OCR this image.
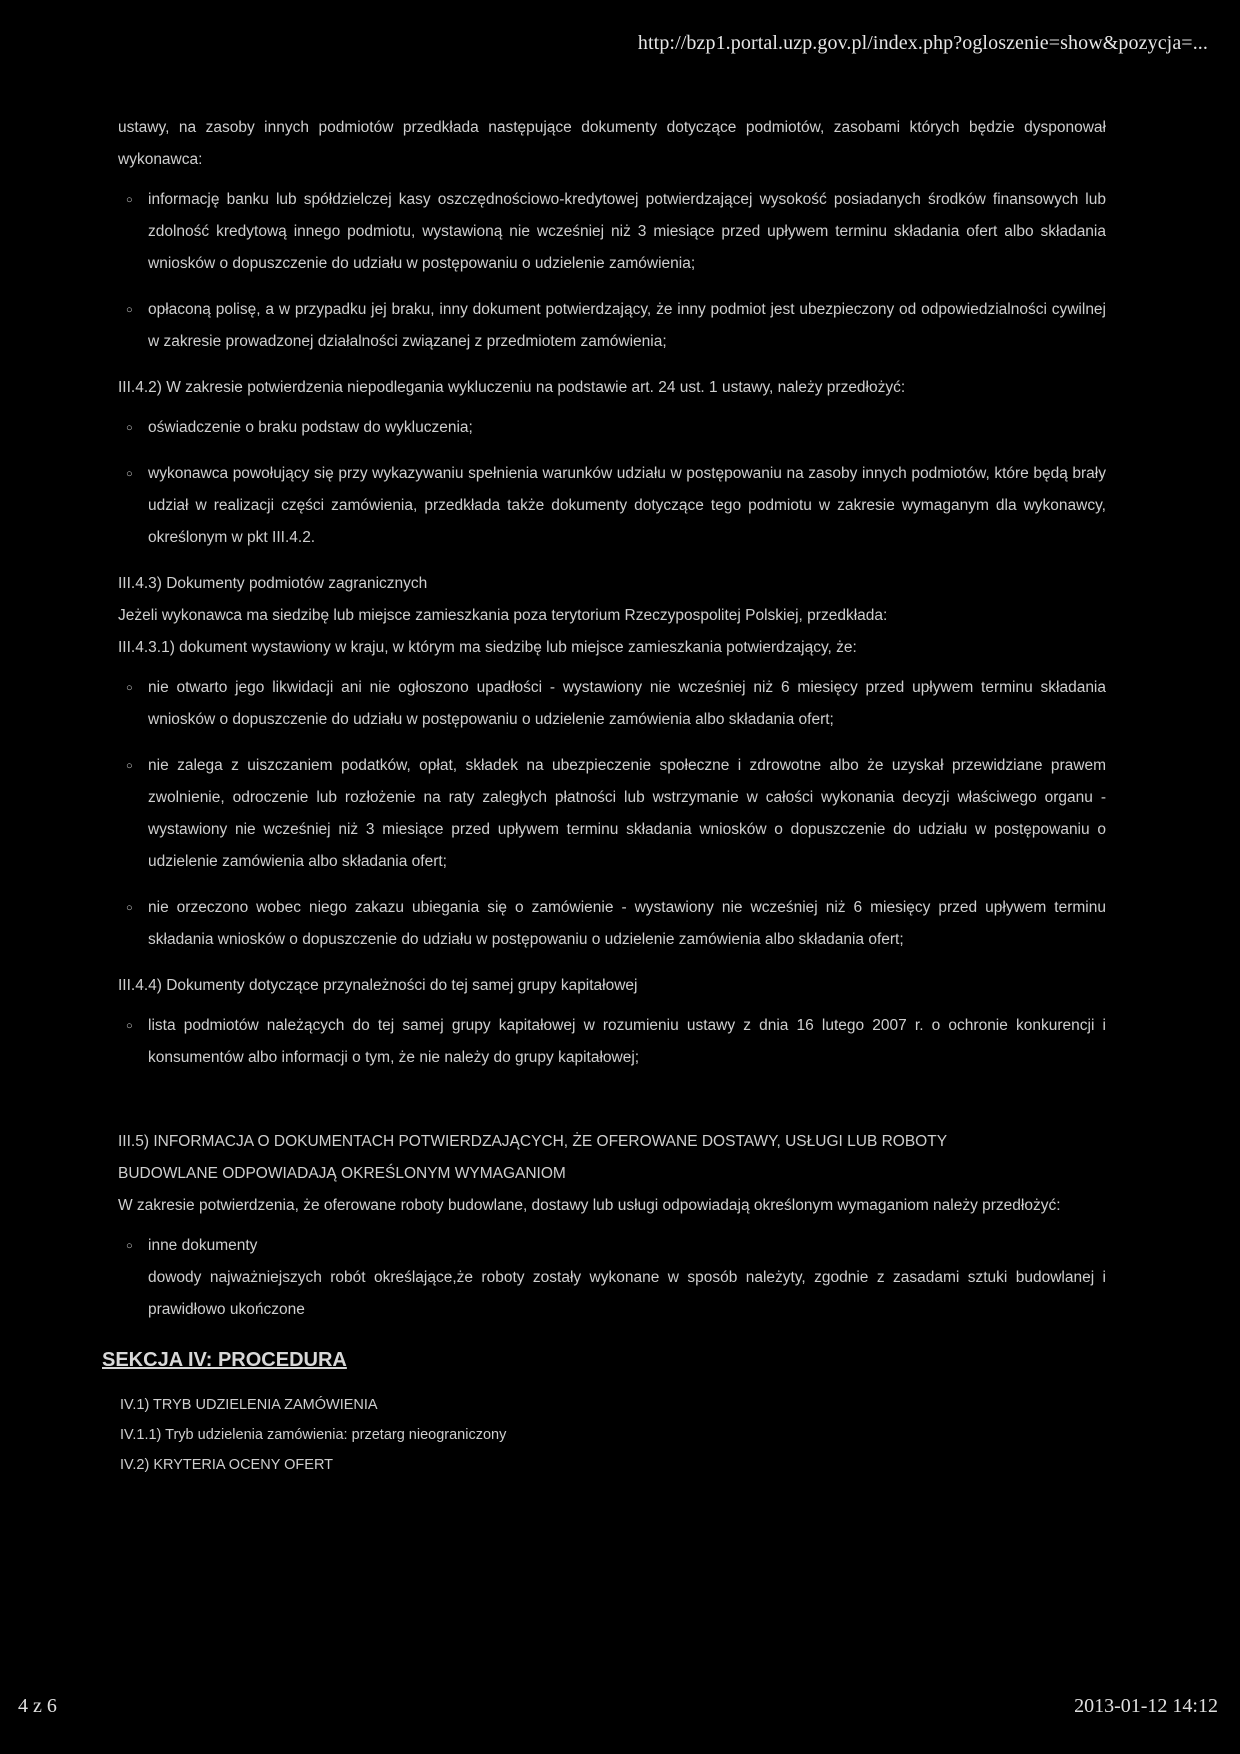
http://bzp1.portal.uzp.gov.pl/index.php?ogloszenie=show&pozycja=...

ustawy, na zasoby innych podmiotów przedkłada następujące dokumenty dotyczące podmiotów, zasobami których będzie dysponował wykonawca:

○ informację banku lub spółdzielczej kasy oszczędnościowo-kredytowej potwierdzającej wysokość posiadanych środków finansowych lub zdolność kredytową innego podmiotu, wystawioną nie wcześniej niż 3 miesiące przed upływem terminu składania ofert albo składania wniosków o dopuszczenie do udziału w postępowaniu o udzielenie zamówienia;
○ opłaconą polisę, a w przypadku jej braku, inny dokument potwierdzający, że inny podmiot jest ubezpieczony od odpowiedzialności cywilnej w zakresie prowadzonej działalności związanej z przedmiotem zamówienia;

III.4.2) W zakresie potwierdzenia niepodlegania wykluczeniu na podstawie art. 24 ust. 1 ustawy, należy przedłożyć:

○ oświadczenie o braku podstaw do wykluczenia;
○ wykonawca powołujący się przy wykazywaniu spełnienia warunków udziału w postępowaniu na zasoby innych podmiotów, które będą brały udział w realizacji części zamówienia, przedkłada także dokumenty dotyczące tego podmiotu w zakresie wymaganym dla wykonawcy, określonym w pkt III.4.2.

III.4.3) Dokumenty podmiotów zagranicznych

Jeżeli wykonawca ma siedzibę lub miejsce zamieszkania poza terytorium Rzeczypospolitej Polskiej, przedkłada:

III.4.3.1) dokument wystawiony w kraju, w którym ma siedzibę lub miejsce zamieszkania potwierdzający, że:

○ nie otwarto jego likwidacji ani nie ogłoszono upadłości - wystawiony nie wcześniej niż 6 miesięcy przed upływem terminu składania wniosków o dopuszczenie do udziału w postępowaniu o udzielenie zamówienia albo składania ofert;
○ nie zalega z uiszczaniem podatków, opłat, składek na ubezpieczenie społeczne i zdrowotne albo że uzyskał przewidziane prawem zwolnienie, odroczenie lub rozłożenie na raty zaległych płatności lub wstrzymanie w całości wykonania decyzji właściwego organu - wystawiony nie wcześniej niż 3 miesiące przed upływem terminu składania wniosków o dopuszczenie do udziału w postępowaniu o udzielenie zamówienia albo składania ofert;
○ nie orzeczono wobec niego zakazu ubiegania się o zamówienie - wystawiony nie wcześniej niż 6 miesięcy przed upływem terminu składania wniosków o dopuszczenie do udziału w postępowaniu o udzielenie zamówienia albo składania ofert;

III.4.4) Dokumenty dotyczące przynależności do tej samej grupy kapitałowej

○ lista podmiotów należących do tej samej grupy kapitałowej w rozumieniu ustawy z dnia 16 lutego 2007 r. o ochronie konkurencji i konsumentów albo informacji o tym, że nie należy do grupy kapitałowej;

III.5) INFORMACJA O DOKUMENTACH POTWIERDZAJĄCYCH, ŻE OFEROWANE DOSTAWY, USŁUGI LUB ROBOTY

BUDOWLANE ODPOWIADAJĄ OKREŚLONYM WYMAGANIOM

W zakresie potwierdzenia, że oferowane roboty budowlane, dostawy lub usługi odpowiadają określonym wymaganiom należy przedłożyć:

○ inne dokumenty
dowody najważniejszych robót określające,że roboty zostały wykonane w sposób należyty, zgodnie z zasadami sztuki budowlanej i prawidłowo ukończone
SEKCJA IV: PROCEDURA
IV.1) TRYB UDZIELENIA ZAMÓWIENIA
IV.1.1) Tryb udzielenia zamówienia: przetarg nieograniczony
IV.2) KRYTERIA OCENY OFERT
4 z 6	2013-01-12 14:12
